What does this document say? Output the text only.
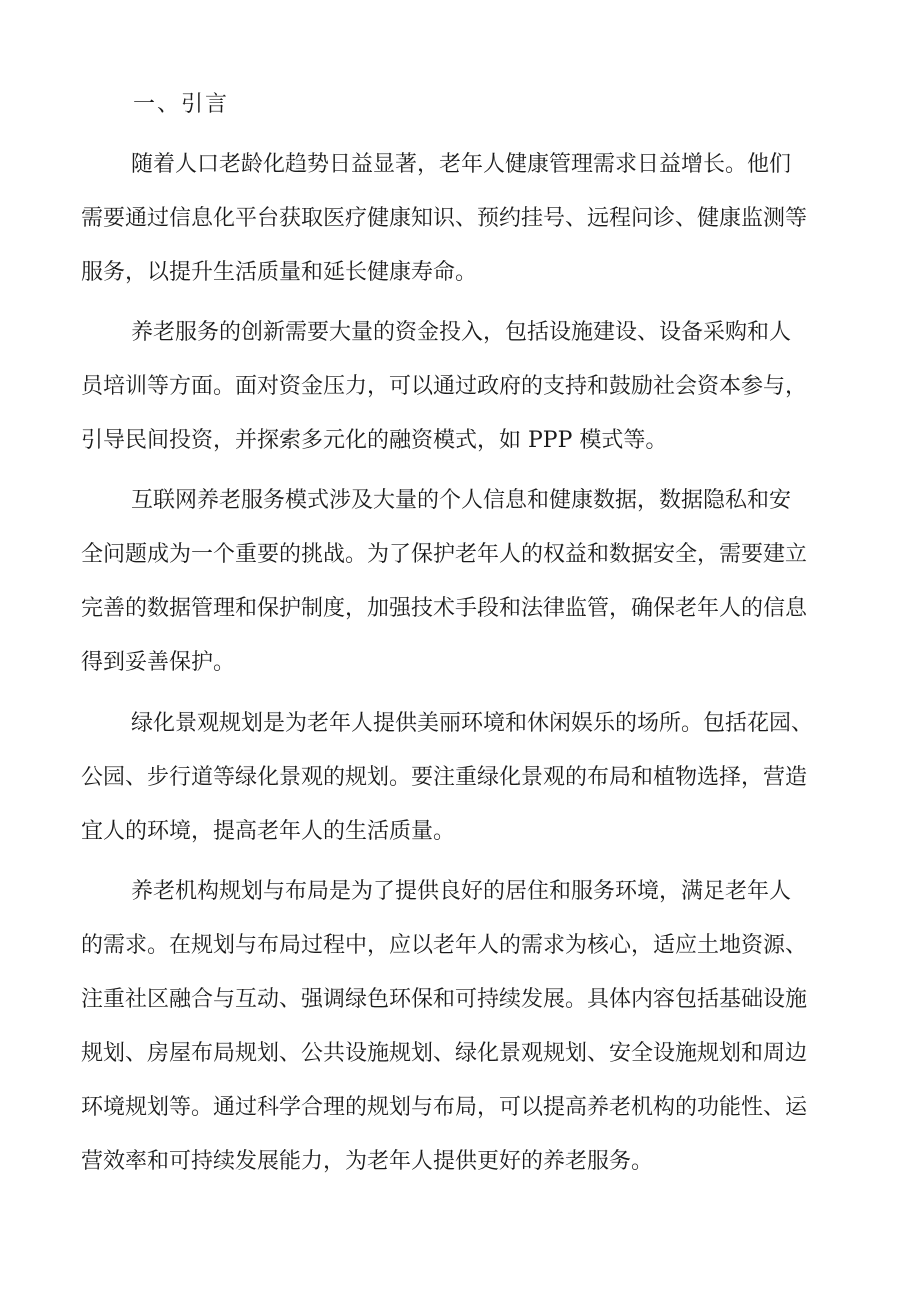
一、引言

随着人口老龄化趋势日益显著，老年人健康管理需求日益增长。他们

需要通过信息化平台获取医疗健康知识、预约挂号、远程问诊、健康监测等

服务，以提升生活质量和延长健康寿命。

养老服务的创新需要大量的资金投入，包括设施建设、设备采购和人

员培训等方面。面对资金压力，可以通过政府的支持和鼓励社会资本参与，

引导民间投资，并探索多元化的融资模式，如 PPP 模式等。

互联网养老服务模式涉及大量的个人信息和健康数据，数据隐私和安

全问题成为一个重要的挑战。为了保护老年人的权益和数据安全，需要建立

完善的数据管理和保护制度，加强技术手段和法律监管，确保老年人的信息

得到妥善保护。

绿化景观规划是为老年人提供美丽环境和休闲娱乐的场所。包括花园、

公园、步行道等绿化景观的规划。要注重绿化景观的布局和植物选择，营造

宜人的环境，提高老年人的生活质量。

养老机构规划与布局是为了提供良好的居住和服务环境，满足老年人

的需求。在规划与布局过程中，应以老年人的需求为核心，适应土地资源、

注重社区融合与互动、强调绿色环保和可持续发展。具体内容包括基础设施

规划、房屋布局规划、公共设施规划、绿化景观规划、安全设施规划和周边

环境规划等。通过科学合理的规划与布局，可以提高养老机构的功能性、运

营效率和可持续发展能力，为老年人提供更好的养老服务。
